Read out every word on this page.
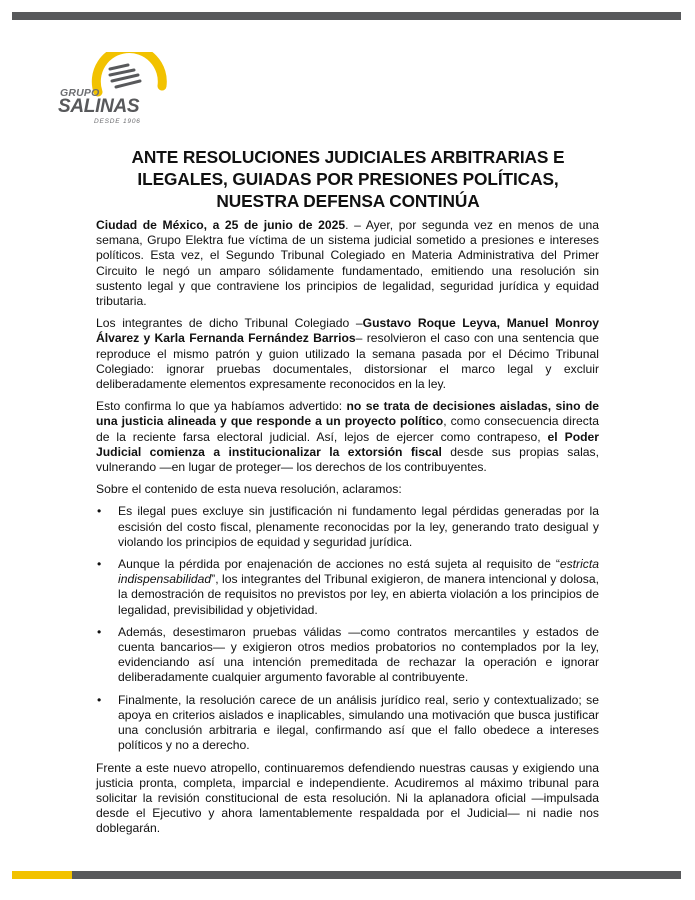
GRUPO
SALINAS
DESDE 1906
ANTE RESOLUCIONES JUDICIALES ARBITRARIAS E
ILEGALES, GUIADAS POR PRESIONES POLÍTICAS,
NUESTRA DEFENSA CONTINÚA

Ciudad de México, a 25 de junio de 2025. – Ayer, por segunda vez en menos de una semana, Grupo Elektra fue víctima de un sistema judicial sometido a presiones e intereses políticos. Esta vez, el Segundo Tribunal Colegiado en Materia Administrativa del Primer Circuito le negó un amparo sólidamente fundamentado, emitiendo una resolución sin sustento legal y que contraviene los principios de legalidad, seguridad jurídica y equidad tributaria.

Los integrantes de dicho Tribunal Colegiado –Gustavo Roque Leyva, Manuel Monroy Álvarez y Karla Fernanda Fernández Barrios– resolvieron el caso con una sentencia que reproduce el mismo patrón y guion utilizado la semana pasada por el Décimo Tribunal Colegiado: ignorar pruebas documentales, distorsionar el marco legal y excluir deliberadamente elementos expresamente reconocidos en la ley.

Esto confirma lo que ya habíamos advertido: no se trata de decisiones aisladas, sino de una justicia alineada y que responde a un proyecto político, como consecuencia directa de la reciente farsa electoral judicial. Así, lejos de ejercer como contrapeso, el Poder Judicial comienza a institucionalizar la extorsión fiscal desde sus propias salas, vulnerando —en lugar de proteger— los derechos de los contribuyentes.

Sobre el contenido de esta nueva resolución, aclaramos:

• Es ilegal pues excluye sin justificación ni fundamento legal pérdidas generadas por la escisión del costo fiscal, plenamente reconocidas por la ley, generando trato desigual y violando los principios de equidad y seguridad jurídica.
• Aunque la pérdida por enajenación de acciones no está sujeta al requisito de “estricta indispensabilidad”, los integrantes del Tribunal exigieron, de manera intencional y dolosa, la demostración de requisitos no previstos por ley, en abierta violación a los principios de legalidad, previsibilidad y objetividad.
• Además, desestimaron pruebas válidas —como contratos mercantiles y estados de cuenta bancarios— y exigieron otros medios probatorios no contemplados por la ley, evidenciando así una intención premeditada de rechazar la operación e ignorar deliberadamente cualquier argumento favorable al contribuyente.
• Finalmente, la resolución carece de un análisis jurídico real, serio y contextualizado; se apoya en criterios aislados e inaplicables, simulando una motivación que busca justificar una conclusión arbitraria e ilegal, confirmando así que el fallo obedece a intereses políticos y no a derecho.

Frente a este nuevo atropello, continuaremos defendiendo nuestras causas y exigiendo una justicia pronta, completa, imparcial e independiente. Acudiremos al máximo tribunal para solicitar la revisión constitucional de esta resolución. Ni la aplanadora oficial —impulsada desde el Ejecutivo y ahora lamentablemente respaldada por el Judicial— ni nadie nos doblegarán.
